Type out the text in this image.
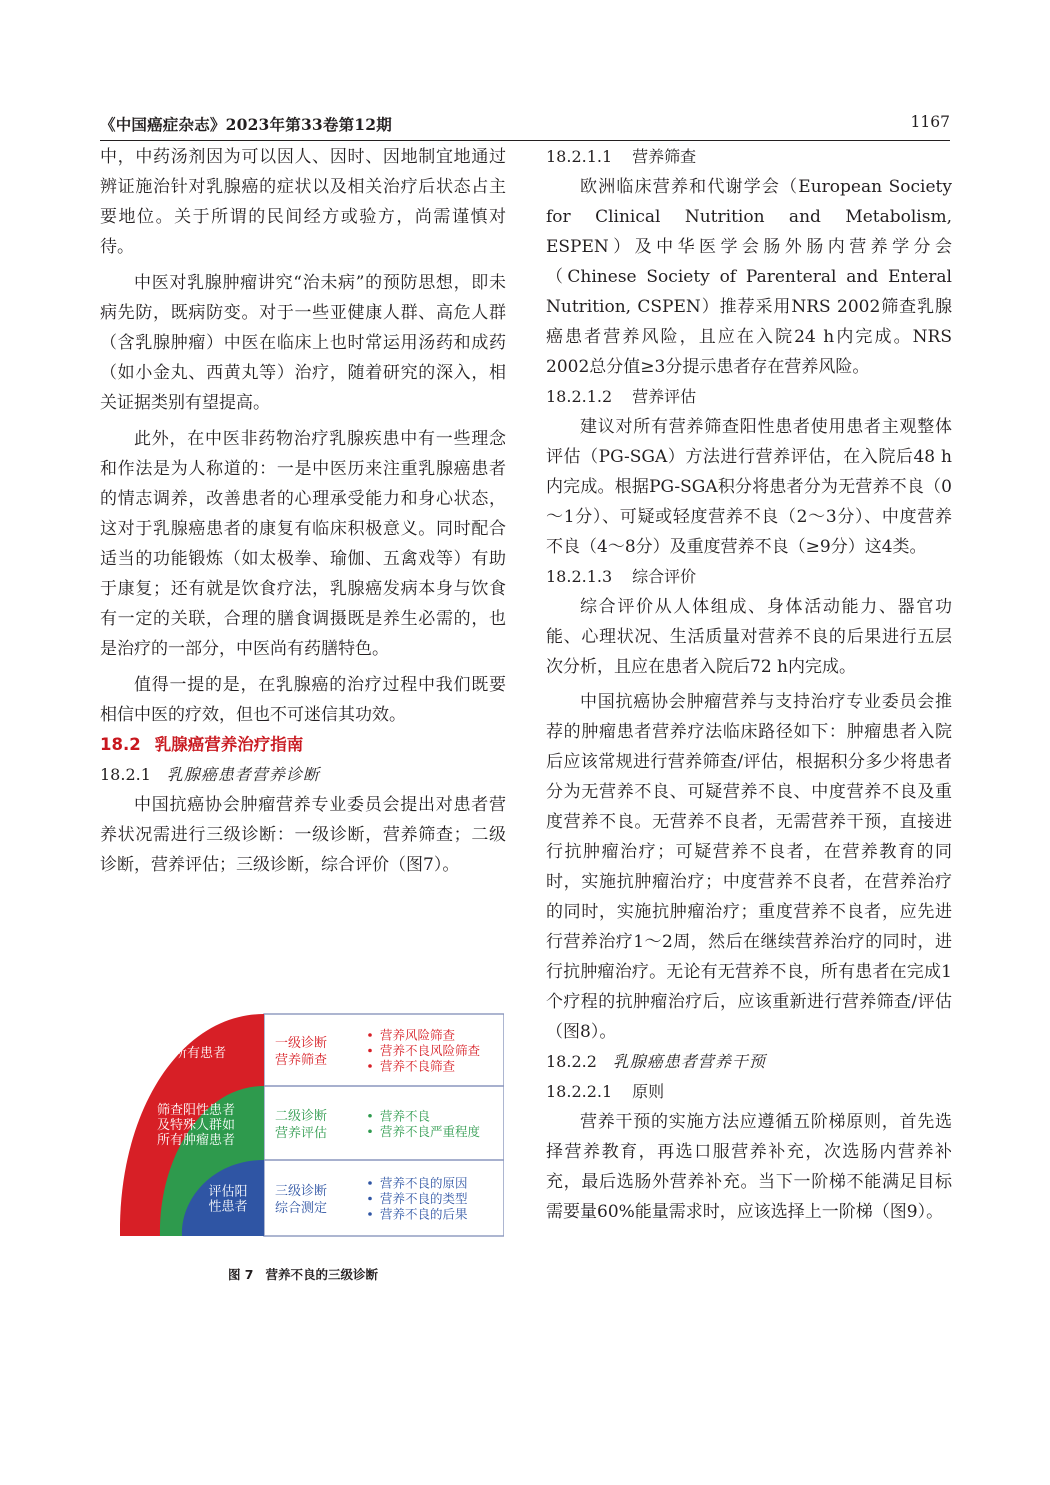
《中国癌症杂志》2023年第33卷第12期	1167

中，中药汤剂因为可以因人、因时、因地制宜地通过辨证施治针对乳腺癌的症状以及相关治疗后状态占主要地位。关于所谓的民间经方或验方，尚需谨慎对待。

中医对乳腺肿瘤讲究“治未病”的预防思想，即未病先防，既病防变。对于一些亚健康人群、高危人群（含乳腺肿瘤）中医在临床上也时常运用汤药和成药（如小金丸、西黄丸等）治疗，随着研究的深入，相关证据类别有望提高。

此外，在中医非药物治疗乳腺疾患中有一些理念和作法是为人称道的：一是中医历来注重乳腺癌患者的情志调养，改善患者的心理承受能力和身心状态，这对于乳腺癌患者的康复有临床积极意义。同时配合适当的功能锻炼（如太极拳、瑜伽、五禽戏等）有助于康复；还有就是饮食疗法，乳腺癌发病本身与饮食有一定的关联，合理的膳食调摄既是养生必需的，也是治疗的一部分，中医尚有药膳特色。

值得一提的是，在乳腺癌的治疗过程中我们既要相信中医的疗效，但也不可迷信其功效。

18.2 乳腺癌营养治疗指南
18.2.1 乳腺癌患者营养诊断

中国抗癌协会肿瘤营养专业委员会提出对患者营养状况需进行三级诊断：一级诊断，营养筛查；二级诊断，营养评估；三级诊断，综合评价（图7）。

所有患者
一级诊断
营养筛查
营养风险筛查
营养不良风险筛查
营养不良筛查
筛查阳性患者
及特殊人群如
所有肿瘤患者
二级诊断
营养评估
营养不良
营养不良严重程度
评估阳
性患者
三级诊断
综合测定
营养不良的原因
营养不良的类型
营养不良的后果
图 7 营养不良的三级诊断
18.2.1.1 营养筛查

欧洲临床营养和代谢学会（European Society for Clinical Nutrition and Metabolism, ESPEN）及中华医学会肠外肠内营养学分会（Chinese Society of Parenteral and Enteral Nutrition, CSPEN）推荐采用NRS 2002筛查乳腺癌患者营养风险，且应在入院24 h内完成。NRS 2002总分值≥3分提示患者存在营养风险。

18.2.1.2 营养评估

建议对所有营养筛查阳性患者使用患者主观整体评估（PG-SGA）方法进行营养评估，在入院后48 h内完成。根据PG-SGA积分将患者分为无营养不良（0～1分）、可疑或轻度营养不良（2～3分）、中度营养不良（4～8分）及重度营养不良（≥9分）这4类。

18.2.1.3 综合评价

综合评价从人体组成、身体活动能力、器官功能、心理状况、生活质量对营养不良的后果进行五层次分析，且应在患者入院后72 h内完成。

中国抗癌协会肿瘤营养与支持治疗专业委员会推荐的肿瘤患者营养疗法临床路径如下：肿瘤患者入院后应该常规进行营养筛查/评估，根据积分多少将患者分为无营养不良、可疑营养不良、中度营养不良及重度营养不良。无营养不良者，无需营养干预，直接进行抗肿瘤治疗；可疑营养不良者，在营养教育的同时，实施抗肿瘤治疗；中度营养不良者，在营养治疗的同时，实施抗肿瘤治疗；重度营养不良者，应先进行营养治疗1～2周，然后在继续营养治疗的同时，进行抗肿瘤治疗。无论有无营养不良，所有患者在完成1个疗程的抗肿瘤治疗后，应该重新进行营养筛查/评估（图8）。

18.2.2 乳腺癌患者营养干预
18.2.2.1 原则

营养干预的实施方法应遵循五阶梯原则，首先选择营养教育，再选口服营养补充，次选肠内营养补充，最后选肠外营养补充。当下一阶梯不能满足目标需要量60%能量需求时，应该选择上一阶梯（图9）。
